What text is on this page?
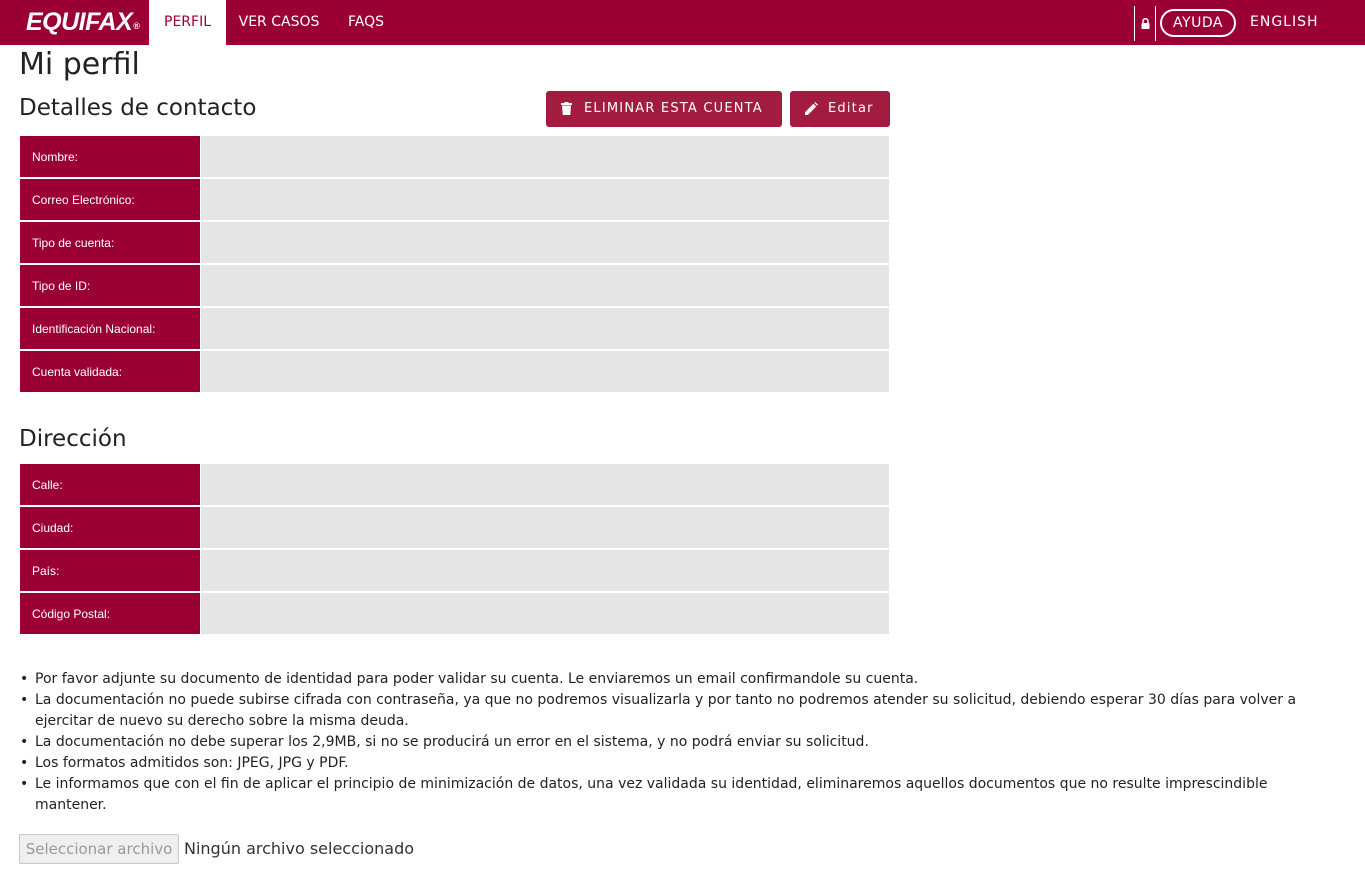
EQUIFAX®	PERFIL	VER CASOS	FAQS	AYUDA	ENGLISH
Mi perfil
Detalles de contacto	ELIMINAR ESTA CUENTA	Editar
Nombre:
Correo Electrónico:
Tipo de cuenta:
Tipo de ID:
Identificación Nacional:
Cuenta validada:
Dirección
Calle:
Ciudad:
País:
Código Postal:
• Por favor adjunte su documento de identidad para poder validar su cuenta. Le enviaremos un email confirmandole su cuenta.
• La documentación no puede subirse cifrada con contraseña, ya que no podremos visualizarla y por tanto no podremos atender su solicitud, debiendo esperar 30 días para volver a ejercitar de nuevo su derecho sobre la misma deuda.
• La documentación no debe superar los 2,9MB, si no se producirá un error en el sistema, y no podrá enviar su solicitud.
• Los formatos admitidos son: JPEG, JPG y PDF.
• Le informamos que con el fin de aplicar el principio de minimización de datos, una vez validada su identidad, eliminaremos aquellos documentos que no resulte imprescindible mantener.
Seleccionar archivo Ningún archivo seleccionado
